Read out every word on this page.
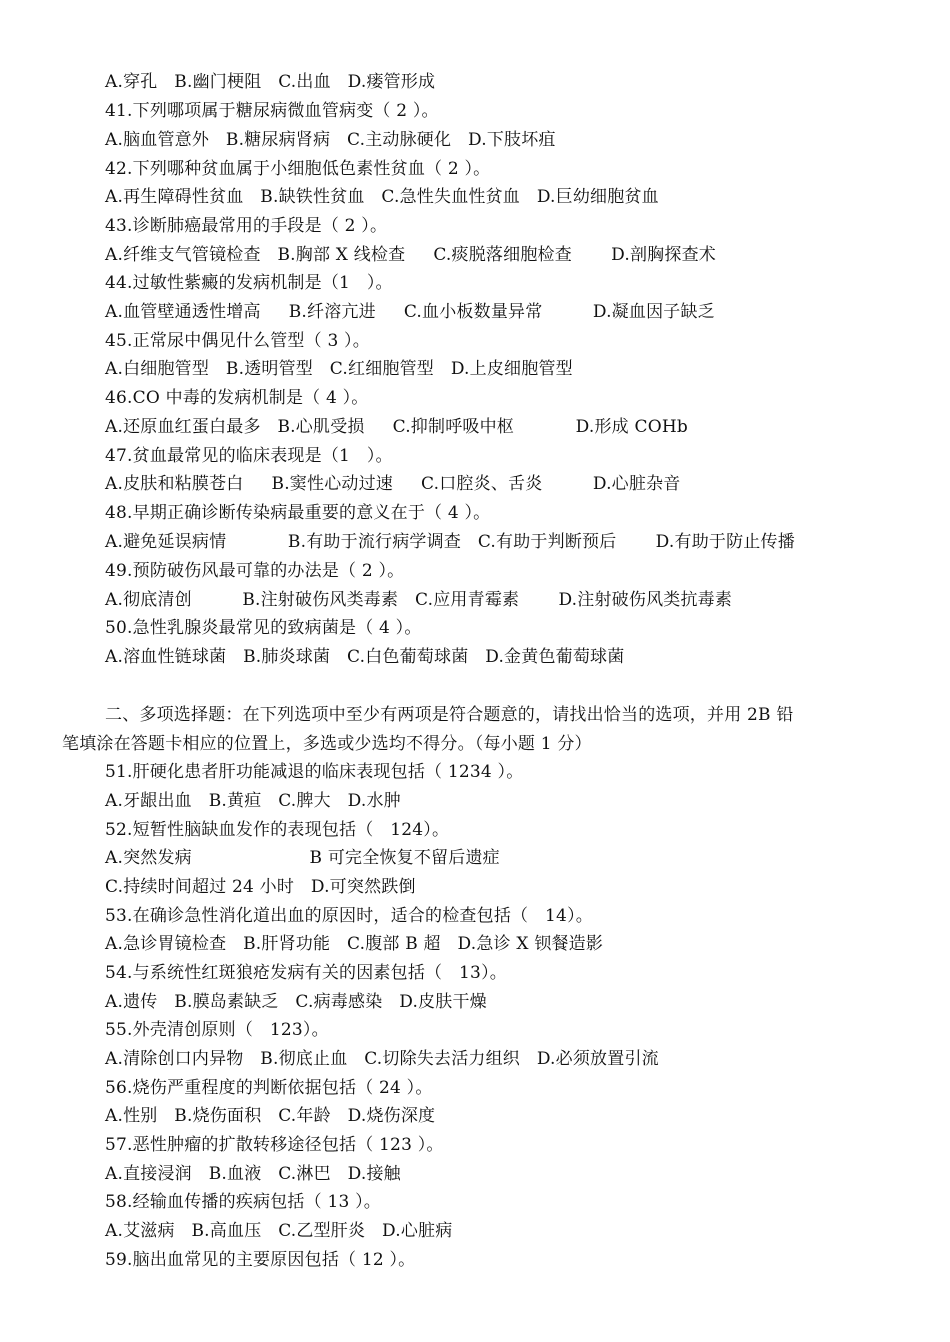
A.穿孔   B.幽门梗阻   C.出血   D.瘘管形成
41.下列哪项属于糖尿病微血管病变（ 2 ）。
A.脑血管意外   B.糖尿病肾病   C.主动脉硬化   D.下肢坏疽
42.下列哪种贫血属于小细胞低色素性贫血（ 2 ）。
A.再生障碍性贫血   B.缺铁性贫血   C.急性失血性贫血   D.巨幼细胞贫血
43.诊断肺癌最常用的手段是（ 2 ）。
A.纤维支气管镜检查   B.胸部 X 线检查     C.痰脱落细胞检查       D.剖胸探查术
44.过敏性紫癜的发病机制是（1   ）。
A.血管壁通透性增高     B.纤溶亢进     C.血小板数量异常         D.凝血因子缺乏
45.正常尿中偶见什么管型（ 3 ）。
A.白细胞管型   B.透明管型   C.红细胞管型   D.上皮细胞管型
46.CO 中毒的发病机制是（ 4 ）。
A.还原血红蛋白最多   B.心肌受损     C.抑制呼吸中枢           D.形成 COHb
47.贫血最常见的临床表现是（1   ）。
A.皮肤和粘膜苍白     B.窦性心动过速     C.口腔炎、舌炎         D.心脏杂音
48.早期正确诊断传染病最重要的意义在于（ 4 ）。
A.避免延误病情           B.有助于流行病学调查   C.有助于判断预后       D.有助于防止传播
49.预防破伤风最可靠的办法是（ 2 ）。
A.彻底清创         B.注射破伤风类毒素   C.应用青霉素       D.注射破伤风类抗毒素
50.急性乳腺炎最常见的致病菌是（ 4 ）。
A.溶血性链球菌   B.肺炎球菌   C.白色葡萄球菌   D.金黄色葡萄球菌
二、多项选择题：在下列选项中至少有两项是符合题意的，请找出恰当的选项，并用 2B 铅
笔填涂在答题卡相应的位置上，多选或少选均不得分。（每小题 1 分）
51.肝硬化患者肝功能减退的临床表现包括（ 1234 ）。
A.牙龈出血   B.黄疸   C.脾大   D.水肿
52.短暂性脑缺血发作的表现包括（   124）。
A.突然发病                     B 可完全恢复不留后遗症
C.持续时间超过 24 小时   D.可突然跌倒
53.在确诊急性消化道出血的原因时，适合的检查包括（   14）。
A.急诊胃镜检查   B.肝肾功能   C.腹部 B 超   D.急诊 X 钡餐造影
54.与系统性红斑狼疮发病有关的因素包括（   13）。
A.遗传   B.膜岛素缺乏   C.病毒感染   D.皮肤干燥
55.外壳清创原则（   123）。
A.清除创口内异物   B.彻底止血   C.切除失去活力组织   D.必须放置引流
56.烧伤严重程度的判断依据包括（ 24 ）。
A.性别   B.烧伤面积   C.年龄   D.烧伤深度
57.恶性肿瘤的扩散转移途径包括（ 123 ）。
A.直接浸润   B.血液   C.淋巴   D.接触
58.经输血传播的疾病包括（ 13 ）。
A.艾滋病   B.高血压   C.乙型肝炎   D.心脏病
59.脑出血常见的主要原因包括（ 12 ）。
